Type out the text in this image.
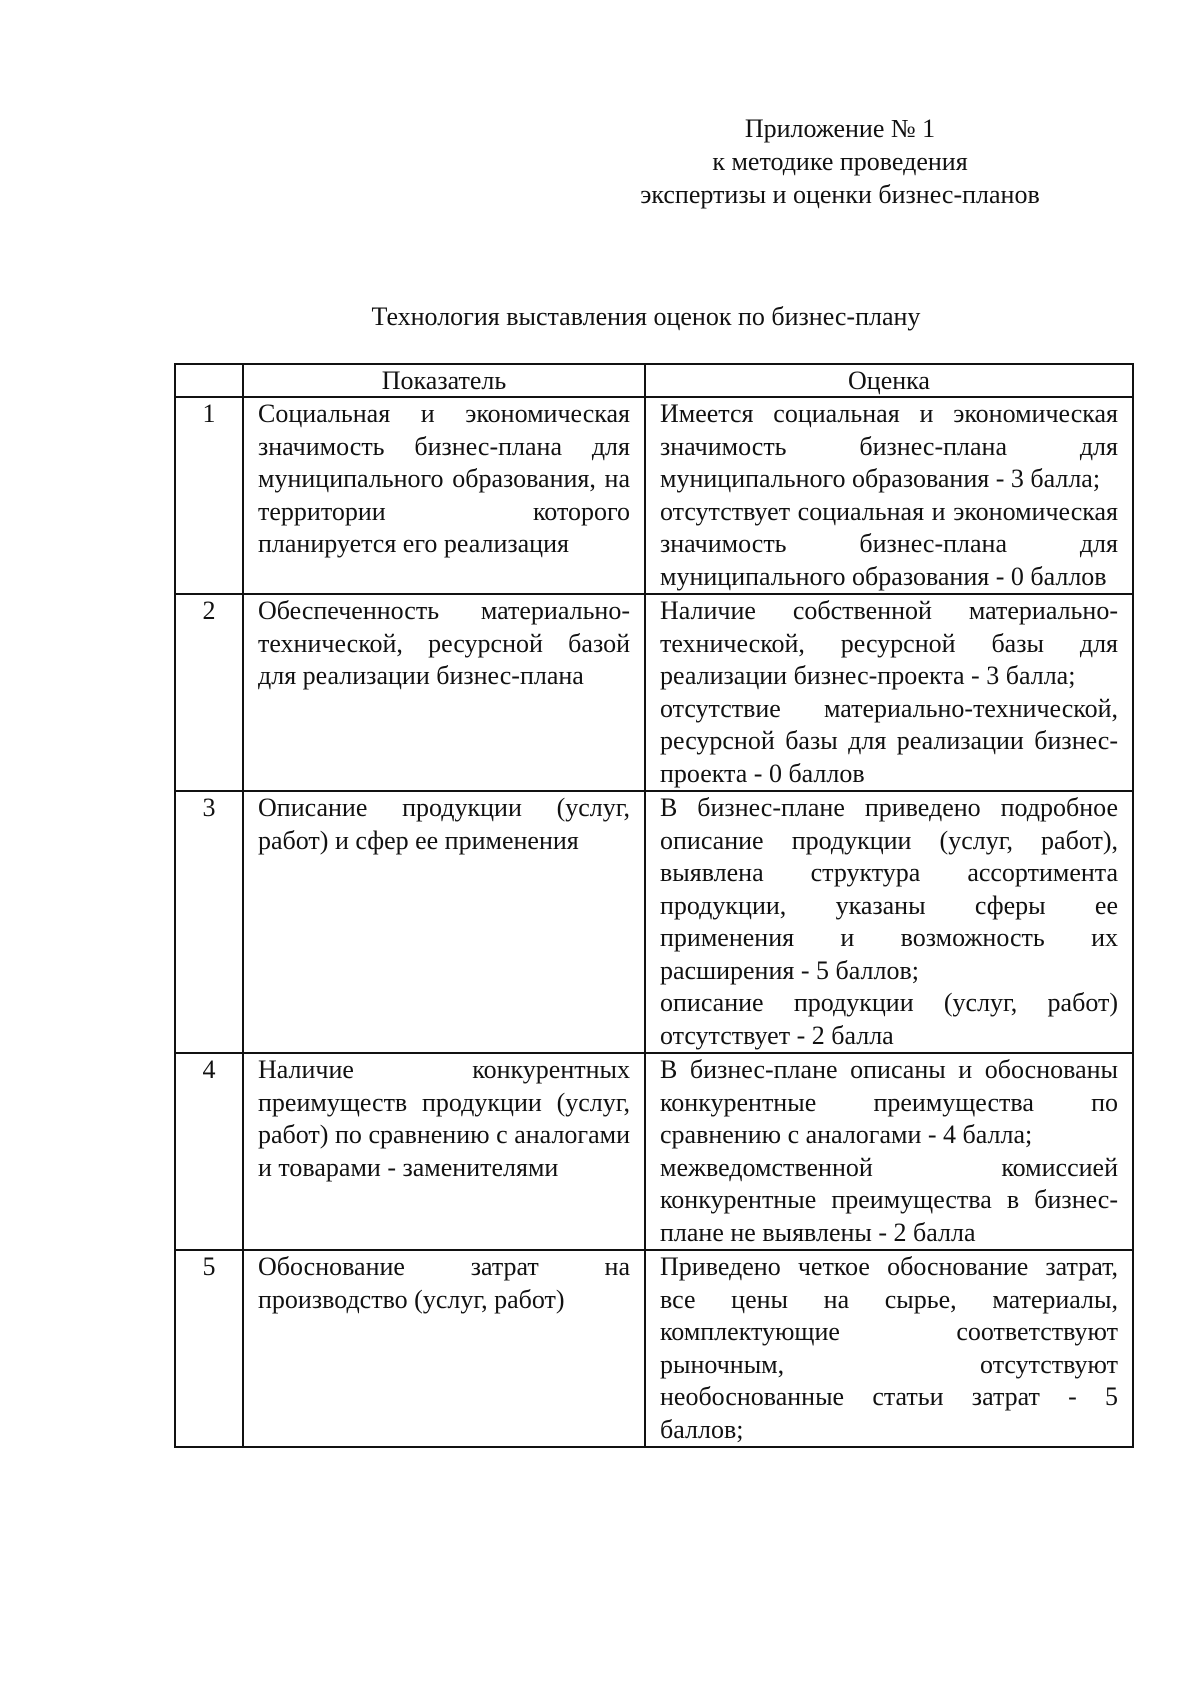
Приложение № 1
к методике проведения
экспертизы и оценки бизнес-планов
Технология выставления оценок по бизнес-плану
	Показатель	Оценка
1	Социальная и экономическая значимость бизнес-плана для муниципального образования, на территории которого планируется его реализация	Имеется социальная и экономическая значимость бизнес-плана для муниципального образования - 3 балла;
отсутствует социальная и экономическая значимость бизнес-плана для муниципального образования - 0 баллов

2	Обеспеченность материально-технической, ресурсной базой для реализации бизнес-плана	Наличие собственной материально-технической, ресурсной базы для реализации бизнес-проекта - 3 балла;
отсутствие материально-технической, ресурсной базы для реализации бизнес-проекта - 0 баллов

3	Описание продукции (услуг, работ) и сфер ее применения	В бизнес-плане приведено подробное описание продукции (услуг, работ), выявлена структура ассортимента продукции, указаны сферы ее применения и возможность их расширения - 5 баллов;
описание продукции (услуг, работ) отсутствует - 2 балла

4	Наличие конкурентных преимуществ продукции (услуг, работ) по сравнению с аналогами и товарами - заменителями	В бизнес-плане описаны и обоснованы конкурентные преимущества по сравнению с аналогами - 4 балла;
межведомственной комиссией конкурентные преимущества в бизнес-плане не выявлены - 2 балла

5	Обоснование затрат на производство (услуг, работ)	Приведено четкое обоснование затрат, все цены на сырье, материалы, комплектующие соответствуют рыночным, отсутствуют необоснованные статьи затрат - 5 баллов;
